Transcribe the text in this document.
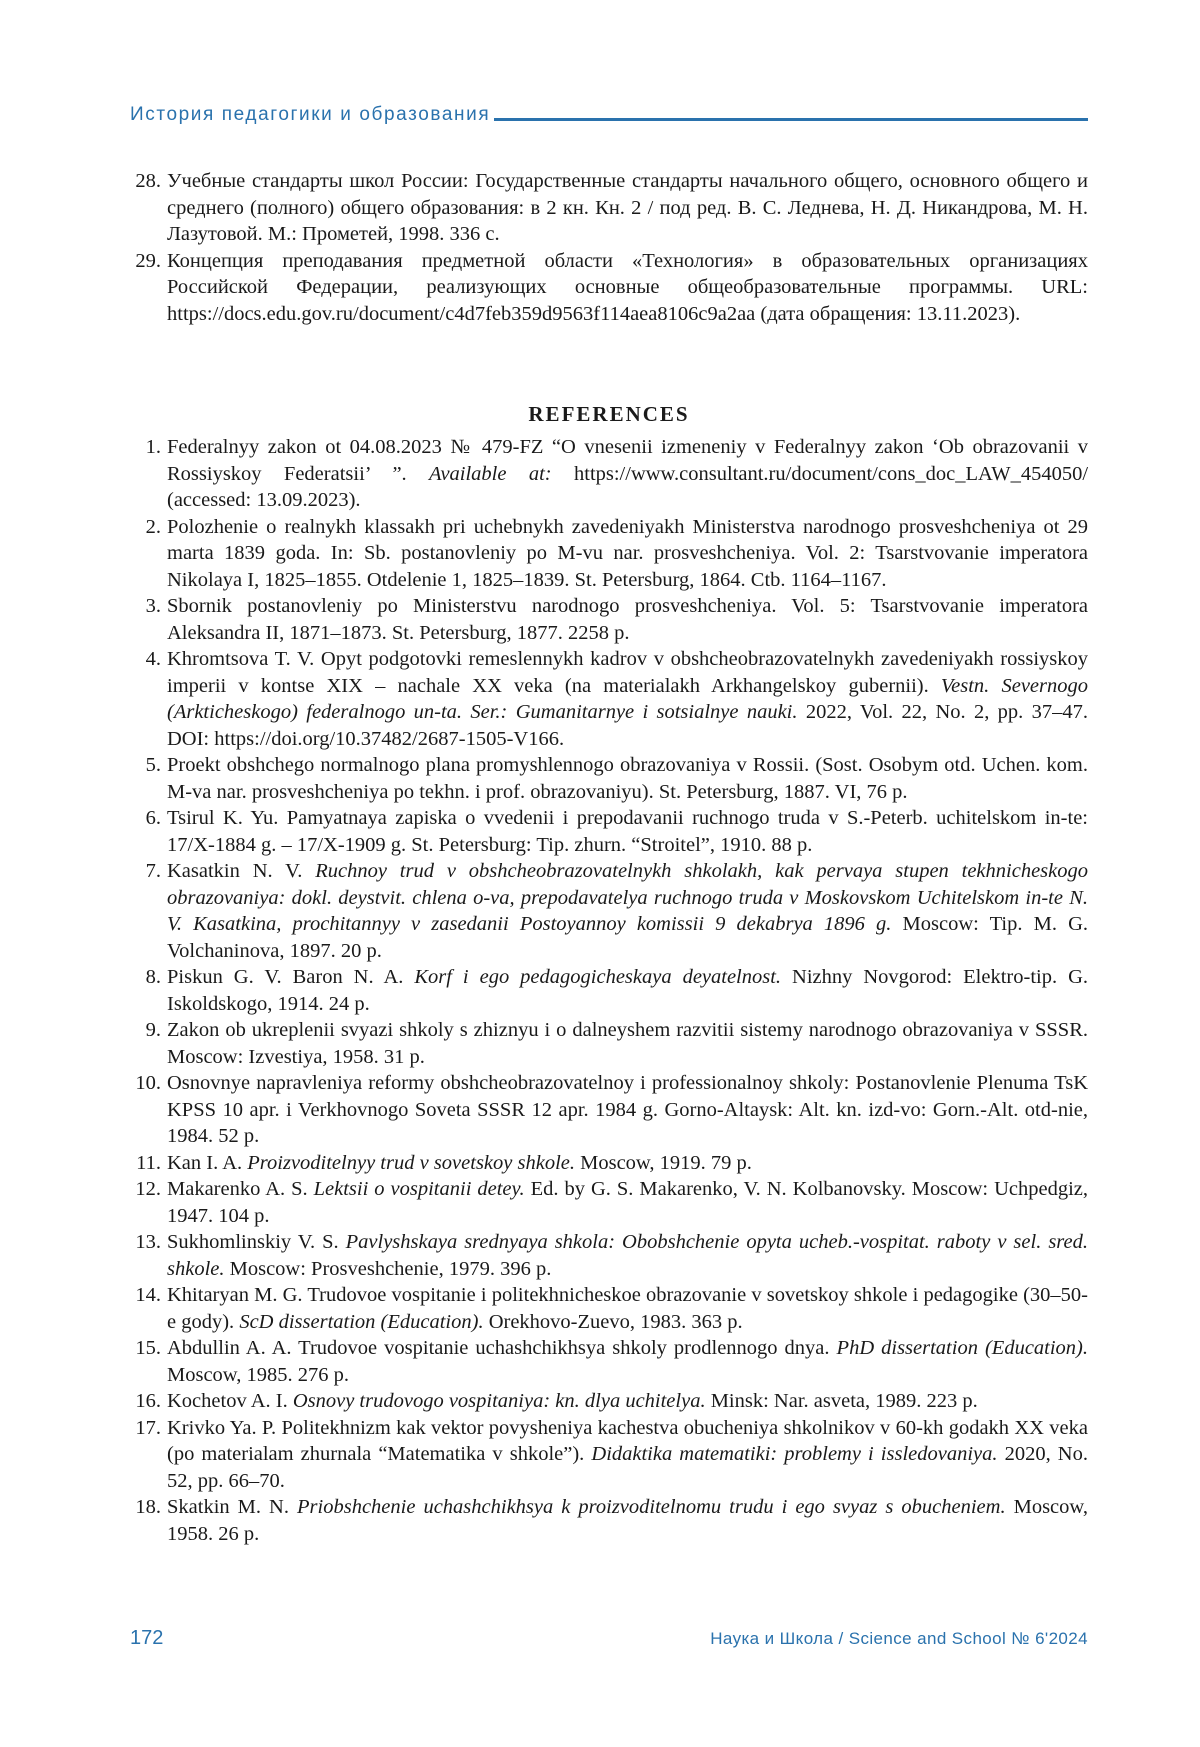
История педагогики и образования
28. Учебные стандарты школ России: Государственные стандарты начального общего, основного общего и среднего (полного) общего образования: в 2 кн. Кн. 2 / под ред. В. С. Леднева, Н. Д. Никандрова, М. Н. Лазутовой. М.: Прометей, 1998. 336 с.
29. Концепция преподавания предметной области «Технология» в образовательных организациях Российской Федерации, реализующих основные общеобразовательные программы. URL: https://docs.edu.gov.ru/document/c4d7feb359d9563f114aea8106c9a2aa (дата обращения: 13.11.2023).
REFERENCES
1. Federalnyy zakon ot 04.08.2023 № 479-FZ “O vnesenii izmeneniy v Federalnyy zakon ‘Ob obrazovanii v Rossiyskoy Federatsii’ ”. Available at: https://www.consultant.ru/document/cons_doc_LAW_454050/ (accessed: 13.09.2023).
2. Polozhenie o realnykh klassakh pri uchebnykh zavedeniyakh Ministerstva narodnogo prosveshcheniya ot 29 marta 1839 goda. In: Sb. postanovleniy po M-vu nar. prosveshcheniya. Vol. 2: Tsarstvovanie imperatora Nikolaya I, 1825–1855. Otdelenie 1, 1825–1839. St. Petersburg, 1864. Ctb. 1164–1167.
3. Sbornik postanovleniy po Ministerstvu narodnogo prosveshcheniya. Vol. 5: Tsarstvovanie imperatora Aleksandra II, 1871–1873. St. Petersburg, 1877. 2258 p.
4. Khromtsova T. V. Opyt podgotovki remeslennykh kadrov v obshcheobrazovatelnykh zavedeniyakh rossiyskoy imperii v kontse XIX – nachale XX veka (na materialakh Arkhangelskoy gubernii). Vestn. Severnogo (Arkticheskogo) federalnogo un-ta. Ser.: Gumanitarnye i sotsialnye nauki. 2022, Vol. 22, No. 2, pp. 37–47. DOI: https://doi.org/10.37482/2687-1505-V166.
5. Proekt obshchego normalnogo plana promyshlennogo obrazovaniya v Rossii. (Sost. Osobym otd. Uchen. kom. M-va nar. prosveshcheniya po tekhn. i prof. obrazovaniyu). St. Petersburg, 1887. VI, 76 p.
6. Tsirul K. Yu. Pamyatnaya zapiska o vvedenii i prepodavanii ruchnogo truda v S.-Peterb. uchitelskom in-te: 17/X-1884 g. – 17/X-1909 g. St. Petersburg: Tip. zhurn. “Stroitel”, 1910. 88 p.
7. Kasatkin N. V. Ruchnoy trud v obshcheobrazovatelnykh shkolakh, kak pervaya stupen tekhnicheskogo obrazovaniya: dokl. deystvit. chlena o-va, prepodavatelya ruchnogo truda v Moskovskom Uchitelskom in-te N. V. Kasatkina, prochitannyy v zasedanii Postoyannoy komissii 9 dekabrya 1896 g. Moscow: Tip. M. G. Volchaninova, 1897. 20 p.
8. Piskun G. V. Baron N. A. Korf i ego pedagogicheskaya deyatelnost. Nizhny Novgorod: Elektro-tip. G. Iskoldskogo, 1914. 24 p.
9. Zakon ob ukreplenii svyazi shkoly s zhiznyu i o dalneyshem razvitii sistemy narodnogo obrazovaniya v SSSR. Moscow: Izvestiya, 1958. 31 p.
10. Osnovnye napravleniya reformy obshcheobrazovatelnoy i professionalnoy shkoly: Postanovlenie Plenuma TsK KPSS 10 apr. i Verkhovnogo Soveta SSSR 12 apr. 1984 g. Gorno-Altaysk: Alt. kn. izd-vo: Gorn.-Alt. otd-nie, 1984. 52 p.
11. Kan I. A. Proizvoditelnyy trud v sovetskoy shkole. Moscow, 1919. 79 p.
12. Makarenko A. S. Lektsii o vospitanii detey. Ed. by G. S. Makarenko, V. N. Kolbanovsky. Moscow: Uchpedgiz, 1947. 104 p.
13. Sukhomlinskiy V. S. Pavlyshskaya srednyaya shkola: Obobshchenie opyta ucheb.-vospitat. raboty v sel. sred. shkole. Moscow: Prosveshchenie, 1979. 396 p.
14. Khitaryan M. G. Trudovoe vospitanie i politekhnicheskoe obrazovanie v sovetskoy shkole i pedagogike (30–50-e gody). ScD dissertation (Education). Orekhovo-Zuevo, 1983. 363 p.
15. Abdullin A. A. Trudovoe vospitanie uchashchikhsya shkoly prodlennogo dnya. PhD dissertation (Education). Moscow, 1985. 276 p.
16. Kochetov A. I. Osnovy trudovogo vospitaniya: kn. dlya uchitelya. Minsk: Nar. asveta, 1989. 223 p.
17. Krivko Ya. P. Politekhnizm kak vektor povysheniya kachestva obucheniya shkolnikov v 60-kh godakh XX veka (po materialam zhurnala “Matematika v shkole”). Didaktika matematiki: problemy i issledovaniya. 2020, No. 52, pp. 66–70.
18. Skatkin M. N. Priobshchenie uchashchikhsya k proizvoditelnomu trudu i ego svyaz s obucheniem. Moscow, 1958. 26 p.
172	Наука и Школа / Science and School № 6'2024
